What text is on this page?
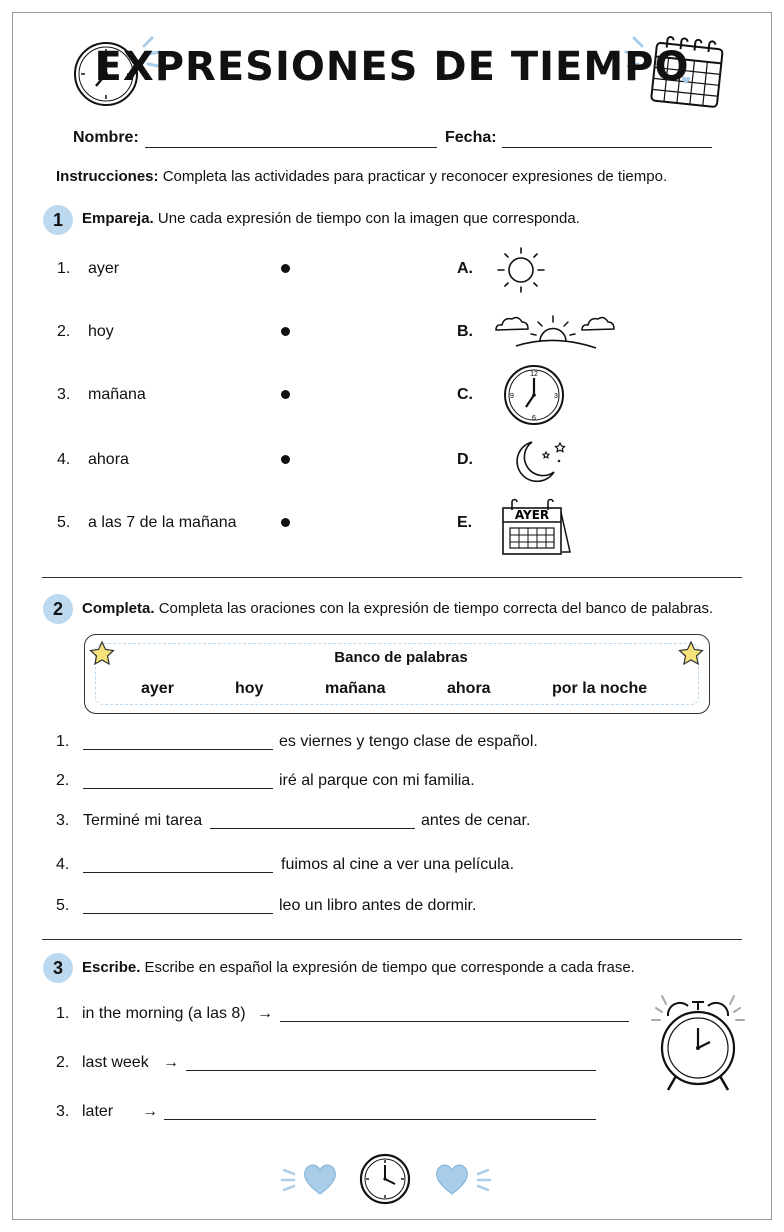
EXPRESIONES DE TIEMPO
Nombre:	Fecha:
Instrucciones: Completa las actividades para practicar y reconocer expresiones de tiempo.
1	Empareja. Une cada expresión de tiempo con la imagen que corresponda.
1. ayer	A.
2. hoy	B.
3. mañana	C.
4. ahora	D.
5. a las 7 de la mañana	E.
12
3
6
9
AYER
2	Completa. Completa las oraciones con la expresión de tiempo correcta del banco de palabras.
Banco de palabras
ayer	hoy	mañana	ahora	por la noche
1.	es viernes y tengo clase de español.
2.	iré al parque con mi familia.
3. Terminé mi tarea	antes de cenar.
4.	fuimos al cine a ver una película.
5.	leo un libro antes de dormir.
3	Escribe. Escribe en español la expresión de tiempo que corresponde a cada frase.
1. in the morning (a las 8) →
2. last week →
3. later →
